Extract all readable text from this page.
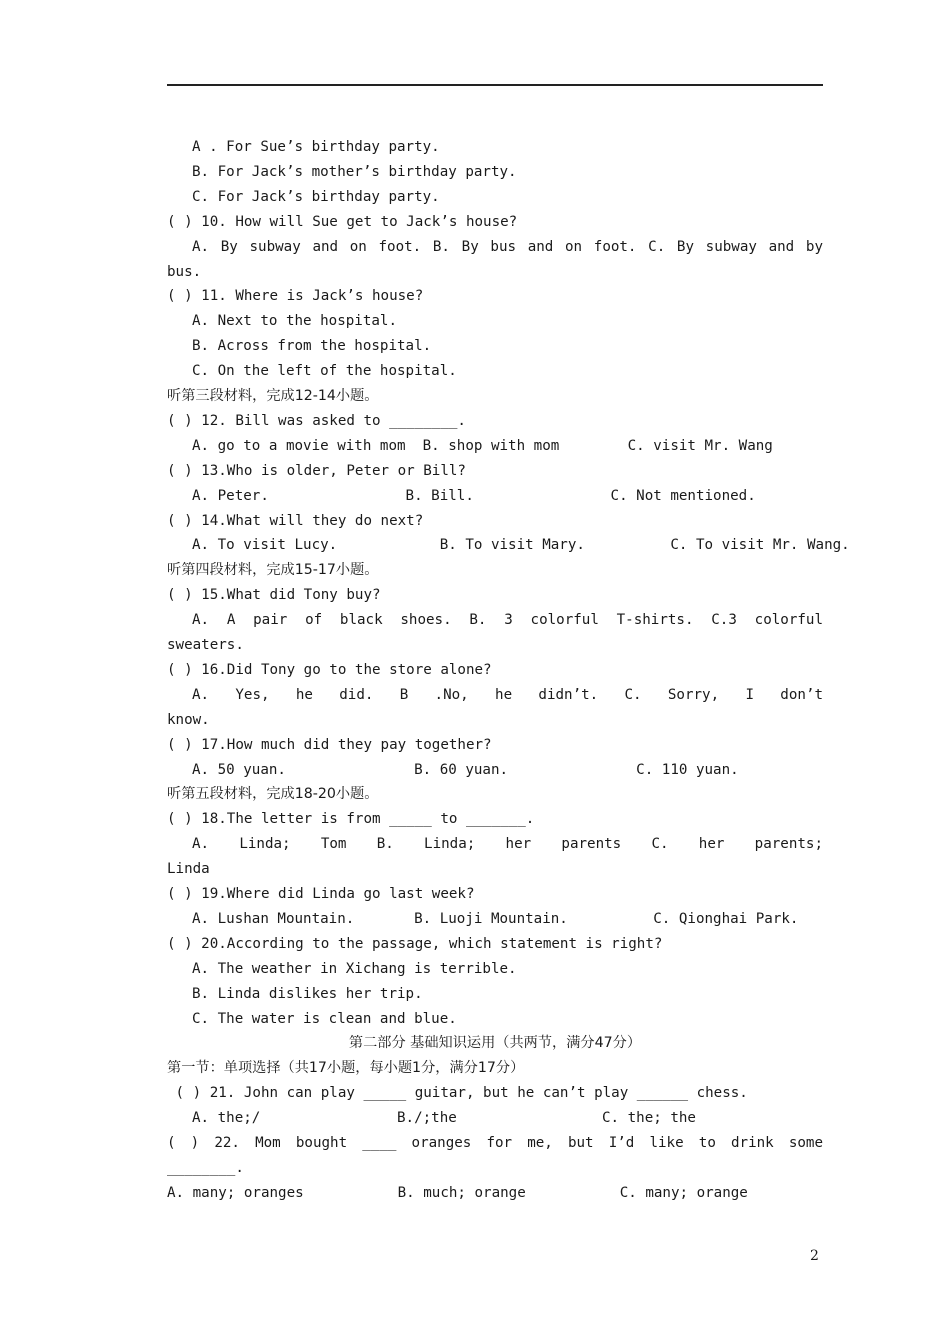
A . For Sue’s birthday party.
B. For Jack’s mother’s birthday party.
C. For Jack’s birthday party.
( ) 10. How will Sue get to Jack’s house?
A. By subway and on foot. B. By bus and on foot. C. By subway and by
bus.
( ) 11. Where is Jack’s house?
A. Next to the hospital.
B. Across from the hospital.
C. On the left of the hospital.
听第三段材料，完成12-14小题。
( ) 12. Bill was asked to ________.
A. go to a movie with mom  B. shop with mom        C. visit Mr. Wang
( ) 13.Who is older, Peter or Bill?
A. Peter.                B. Bill.                C. Not mentioned.
( ) 14.What will they do next?
A. To visit Lucy.            B. To visit Mary.          C. To visit Mr. Wang.
听第四段材料，完成15-17小题。
( ) 15.What did Tony buy?
A. A pair of black shoes. B. 3 colorful T-shirts. C.3 colorful
sweaters.
( ) 16.Did Tony go to the store alone?
A. Yes, he did. B .No, he didn’t. C. Sorry, I don’t
know.
( ) 17.How much did they pay together?
A. 50 yuan.               B. 60 yuan.               C. 110 yuan.
听第五段材料，完成18-20小题。
( ) 18.The letter is from _____ to _______.
A. Linda; Tom B. Linda; her parents C. her parents;
Linda
( ) 19.Where did Linda go last week?
A. Lushan Mountain.       B. Luoji Mountain.          C. Qionghai Park.
( ) 20.According to the passage, which statement is right?
A. The weather in Xichang is terrible.
B. Linda dislikes her trip.
C. The water is clean and blue.
第二部分 基础知识运用（共两节，满分47分）
第一节：单项选择（共17小题，每小题1分，满分17分）
( ) 21. John can play _____ guitar, but he can’t play ______ chess.
A. the;/                B./;the                 C. the; the
( ) 22. Mom bought ____ oranges for me, but I’d like to drink some
________.
A. many; oranges           B. much; orange           C. many; orange
2
